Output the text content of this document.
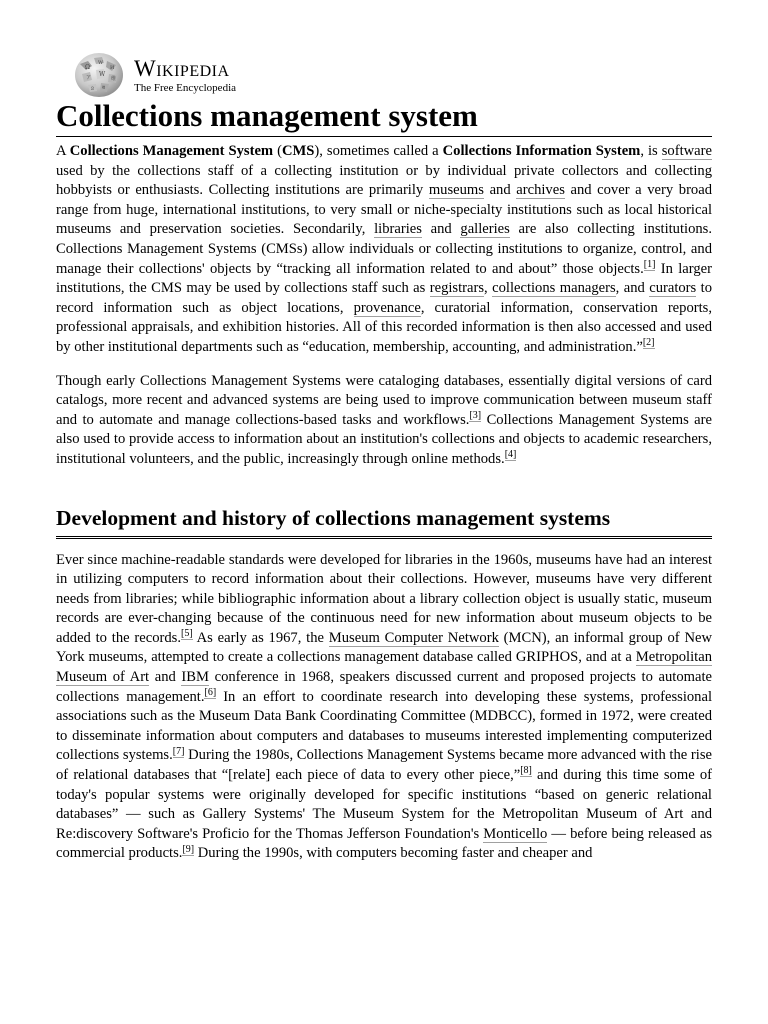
Ω
W
И
ア W
维
ვ ब
Wikipedia
The Free Encyclopedia
Collections management system

A Collections Management System (CMS), sometimes called a Collections Information System, is software used by the collections staff of a collecting institution or by individual private collectors and collecting hobbyists or enthusiasts. Collecting institutions are primarily museums and archives and cover a very broad range from huge, international institutions, to very small or niche-specialty institutions such as local historical museums and preservation societies. Secondarily, libraries and galleries are also collecting institutions. Collections Management Systems (CMSs) allow individuals or collecting institutions to organize, control, and manage their collections' objects by “tracking all information related to and about” those objects.[1] In larger institutions, the CMS may be used by collections staff such as registrars, collections managers, and curators to record information such as object locations, provenance, curatorial information, conservation reports, professional appraisals, and exhibition histories. All of this recorded information is then also accessed and used by other institutional departments such as “education, membership, accounting, and administration.”[2]

Though early Collections Management Systems were cataloging databases, essentially digital versions of card catalogs, more recent and advanced systems are being used to improve communication between museum staff and to automate and manage collections-based tasks and workflows.[3] Collections Management Systems are also used to provide access to information about an institution's collections and objects to academic researchers, institutional volunteers, and the public, increasingly through online methods.[4]

Development and history of collections management systems

Ever since machine-readable standards were developed for libraries in the 1960s, museums have had an interest in utilizing computers to record information about their collections. However, museums have very different needs from libraries; while bibliographic information about a library collection object is usually static, museum records are ever-changing because of the continuous need for new information about museum objects to be added to the records.[5] As early as 1967, the Museum Computer Network (MCN), an informal group of New York museums, attempted to create a collections management database called GRIPHOS, and at a Metropolitan Museum of Art and IBM conference in 1968, speakers discussed current and proposed projects to automate collections management.[6] In an effort to coordinate research into developing these systems, professional associations such as the Museum Data Bank Coordinating Committee (MDBCC), formed in 1972, were created to disseminate information about computers and databases to museums interested implementing computerized collections systems.[7] During the 1980s, Collections Management Systems became more advanced with the rise of relational databases that “[relate] each piece of data to every other piece,”[8] and during this time some of today's popular systems were originally developed for specific institutions “based on generic relational databases” — such as Gallery Systems' The Museum System for the Metropolitan Museum of Art and Re:discovery Software's Proficio for the Thomas Jefferson Foundation's Monticello — before being released as commercial products.[9] During the 1990s, with computers becoming faster and cheaper and
